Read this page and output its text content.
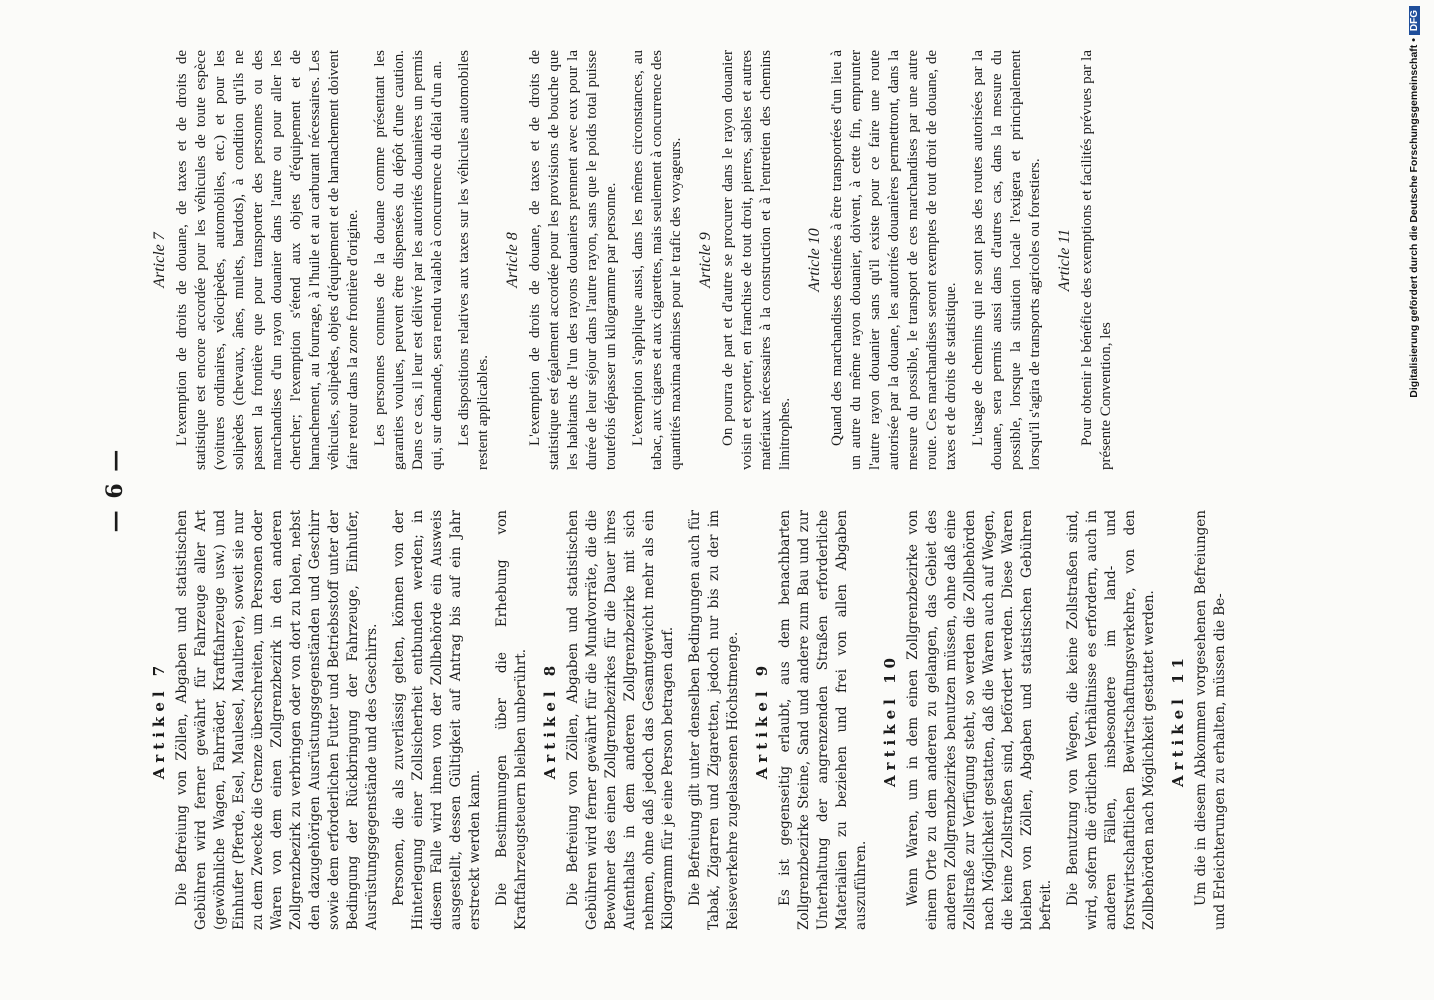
— 6 —
Artikel 7 Die Befreiung von Zöllen, Abgaben und statistischen Gebühren wird ferner gewährt für Fahrzeuge aller Art (gewöhnliche Wagen, Fahrräder, Kraftfahrzeuge usw.) und Einhufer (Pferde, Esel, Maulesel, Maultiere), soweit sie nur zu dem Zwecke die Grenze überschreiten, um Personen oder Waren von dem einen Zollgrenzbezirk in den anderen Zollgrenzbezirk zu verbringen oder von dort zu holen, nebst den dazugehörigen Ausrüstungsgegenständen und Geschirr sowie dem erforderlichen Futter und Betriebsstoff unter der Bedingung der Rückbringung der Fahrzeuge, Einhufer, Ausrüstungsgegenstände und des Geschirrs. Personen, die als zuverlässig gelten, können von der Hinterlegung einer Zollsicherheit entbunden werden; in diesem Falle wird ihnen von der Zollbehörde ein Ausweis ausgestellt, dessen Gültigkeit auf Antrag bis auf ein Jahr erstreckt werden kann. Die Bestimmungen über die Erhebung von Kraftfahrzeugsteuern bleiben unberührt. Artikel 8 Die Befreiung von Zöllen, Abgaben und statistischen Gebühren wird ferner gewährt für die Mundvorräte, die die Bewohner des einen Zollgrenzbezirkes für die Dauer ihres Aufenthalts in dem anderen Zollgrenzbezirke mit sich nehmen, ohne daß jedoch das Gesamtgewicht mehr als ein Kilogramm für je eine Person betragen darf. Die Befreiung gilt unter denselben Bedingungen auch für Tabak, Zigarren und Zigaretten, jedoch nur bis zu der im Reiseverkehre zugelassenen Höchstmenge. Artikel 9 Es ist gegenseitig erlaubt, aus dem benachbarten Zollgrenzbezirke Steine, Sand und andere zum Bau und zur Unterhaltung der angrenzenden Straßen erforderliche Materialien zu beziehen und frei von allen Abgaben auszuführen.

Artikel 10 Wenn Waren, um in dem einen Zollgrenzbezirke von einem Orte zu dem anderen zu gelangen, das Gebiet des anderen Zollgrenzbezirkes benutzen müssen, ohne daß eine Zollstraße zur Verfügung steht, so werden die Zollbehörden nach Möglichkeit gestatten, daß die Waren auch auf Wegen, die keine Zollstraßen sind, befördert werden. Diese Waren bleiben von Zöllen, Abgaben und statistischen Gebühren befreit. Die Benutzung von Wegen, die keine Zollstraßen sind, wird, sofern die örtlichen Verhältnisse es erfordern, auch in anderen Fällen, insbesondere im land- und forstwirtschaftlichen Bewirtschaftungsverkehre, von den Zollbehörden nach Möglichkeit gestattet werden. Artikel 11 Um die in diesem Abkommen vorgesehenen Befreiungen und Erleichterungen zu erhalten, müssen die Be-

Article 7 L'exemption de droits de douane, de taxes et de droits de statistique est encore accordée pour les véhicules de toute espèce (voitures ordinaires, vélocipèdes, automobiles, etc.) et pour les solipèdes (chevaux, ânes, mulets, bardots), à condition qu'ils ne passent la frontière que pour transporter des personnes ou des marchandises d'un rayon douanier dans l'autre ou pour aller les chercher; l'exemption s'étend aux objets d'équipement et de harnachement, au fourrage, à l'huile et au carburant nécessaires. Les véhicules, solipèdes, objets d'équipement et de harnachement doivent faire retour dans la zone frontière d'origine. Les personnes connues de la douane comme présentant les garanties voulues, peuvent être dispensées du dépôt d'une caution. Dans ce cas, il leur est délivré par les autorités douanières un permis qui, sur demande, sera rendu valable à concurrence du délai d'un an. Les dispositions relatives aux taxes sur les véhicules automobiles restent applicables.

Article 8 L'exemption de droits de douane, de taxes et de droits de statistique est également accordée pour les provisions de bouche que les habitants de l'un des rayons douaniers prennent avec eux pour la durée de leur séjour dans l'autre rayon, sans que le poids total puisse toutefois dépasser un kilogramme par personne. L'exemption s'applique aussi, dans les mêmes circonstances, au tabac, aux cigares et aux cigarettes, mais seulement à concurrence des quantités maxima admises pour le trafic des voyageurs. Article 9 On pourra de part et d'autre se procurer dans le rayon douanier voisin et exporter, en franchise de tout droit, pierres, sables et autres matériaux nécessaires à la construction et à l'entretien des chemins limitrophes.

Article 10 Quand des marchandises destinées à être transportées d'un lieu à un autre du même rayon douanier, doivent, à cette fin, emprunter l'autre rayon douanier sans qu'il existe pour ce faire une route autorisée par la douane, les autorités douanières permettront, dans la mesure du possible, le transport de ces marchandises par une autre route. Ces marchandises seront exemptes de tout droit de douane, de taxes et de droits de statistique. L'usage de chemins qui ne sont pas des routes autorisées par la douane, sera permis aussi dans d'autres cas, dans la mesure du possible, lorsque la situation locale l'exigera et principalement lorsqu'il s'agira de transports agricoles ou forestiers. Article 11 Pour obtenir le bénéfice des exemptions et facilités prévues par la présente Convention, les	Digitalisierung gefördert durch die Deutsche Forschungsgemeinschaft •DFG
